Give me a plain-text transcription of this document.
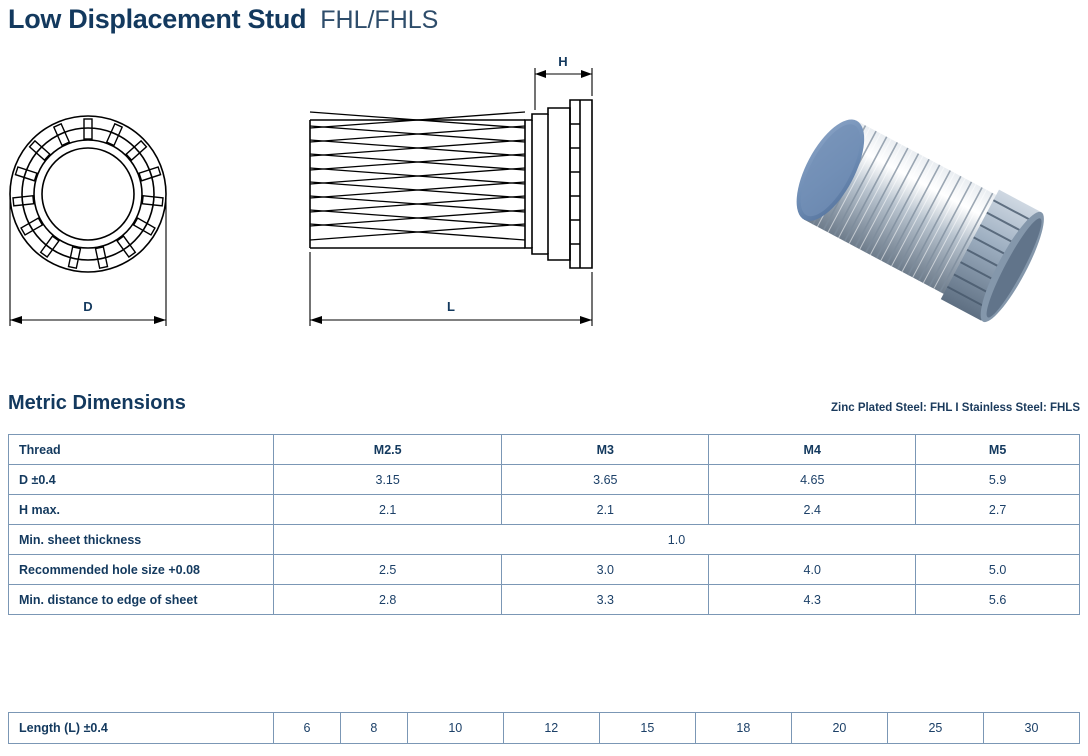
Low Displacement Stud FHL/FHLS
D
H
L
Metric Dimensions	Zinc Plated Steel: FHL I Stainless Steel: FHLS
Thread	M2.5	M3	M4	M5
D ±0.4	3.15	3.65	4.65	5.9
H max.	2.1	2.1	2.4	2.7
Min. sheet thickness	1.0			
Recommended hole size +0.08	2.5	3.0	4.0	5.0
Min. distance to edge of sheet	2.8	3.3	4.3	5.6
Length (L) ±0.4	6	8	10	12	15	18	20	25	30
